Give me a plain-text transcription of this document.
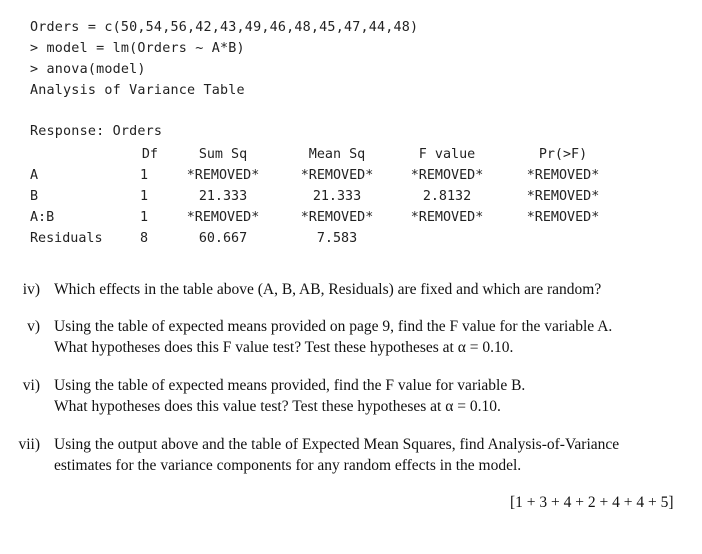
Orders = c(50,54,56,42,43,49,46,48,45,47,44,48)
> model = lm(Orders ~ A*B)
> anova(model)
Analysis of Variance Table
Response: Orders
Df	Sum Sq	Mean Sq	F value	Pr(>F)
A	1	*REMOVED*	*REMOVED*	*REMOVED*	*REMOVED*
B	1	21.333	21.333	2.8132	*REMOVED*
A:B	1	*REMOVED*	*REMOVED*	*REMOVED*	*REMOVED*
Residuals	8	60.667	7.583
iv) Which effects in the table above (A, B, AB, Residuals) are fixed and which are random?
v) Using the table of expected means provided on page 9, find the F value for the variable A.
What hypotheses does this F value test? Test these hypotheses at α = 0.10.
vi) Using the table of expected means provided, find the F value for variable B.
What hypotheses does this value test? Test these hypotheses at α = 0.10.
vii) Using the output above and the table of Expected Mean Squares, find Analysis-of-Variance
estimates for the variance components for any random effects in the model.
[1 + 3 + 4 + 2 + 4 + 4 + 5]
